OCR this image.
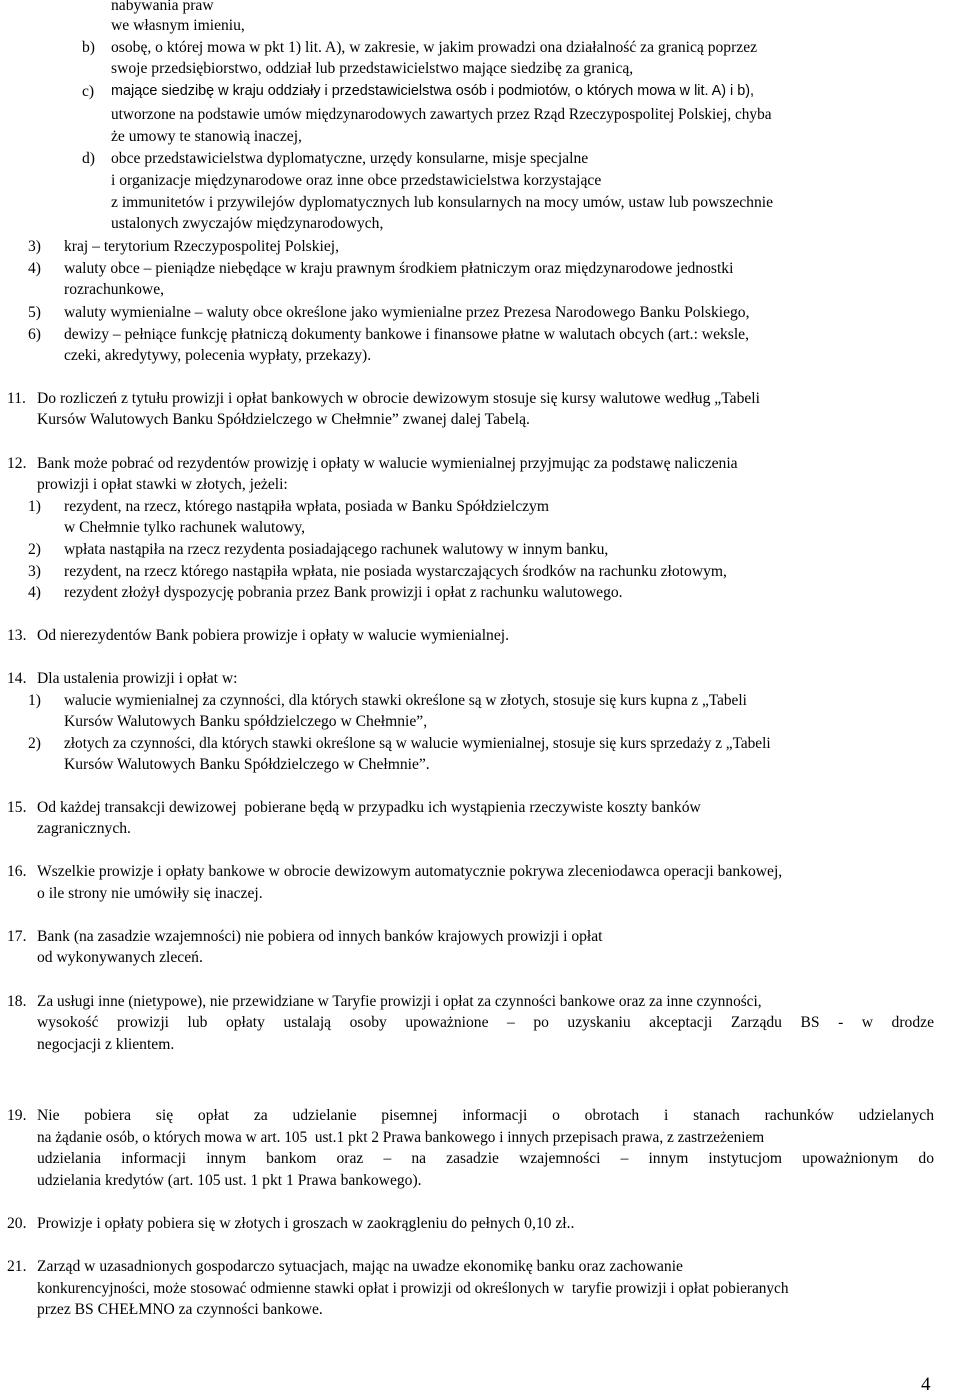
nabywania praw
we własnym imieniu,
b) osobę, o której mowa w pkt 1) lit. A), w zakresie, w jakim prowadzi ona działalność za granicą poprzez
swoje przedsiębiorstwo, oddział lub przedstawicielstwo mające siedzibę za granicą,
c) mające siedzibę w kraju oddziały i przedstawicielstwa osób i podmiotów, o których mowa w lit. A) i b),
utworzone na podstawie umów międzynarodowych zawartych przez Rząd Rzeczypospolitej Polskiej, chyba
że umowy te stanowią inaczej,
d) obce przedstawicielstwa dyplomatyczne, urzędy konsularne, misje specjalne
i organizacje międzynarodowe oraz inne obce przedstawicielstwa korzystające
z immunitetów i przywilejów dyplomatycznych lub konsularnych na mocy umów, ustaw lub powszechnie
ustalonych zwyczajów międzynarodowych,
3) kraj – terytorium Rzeczypospolitej Polskiej,
4) waluty obce – pieniądze niebędące w kraju prawnym środkiem płatniczym oraz międzynarodowe jednostki
rozrachunkowe,
5) waluty wymienialne – waluty obce określone jako wymienialne przez Prezesa Narodowego Banku Polskiego,
6) dewizy – pełniące funkcję płatniczą dokumenty bankowe i finansowe płatne w walutach obcych (art.: weksle,
czeki, akredytywy, polecenia wypłaty, przekazy).
11. Do rozliczeń z tytułu prowizji i opłat bankowych w obrocie dewizowym stosuje się kursy walutowe według „Tabeli
Kursów Walutowych Banku Spółdzielczego w Chełmnie” zwanej dalej Tabelą.
12. Bank może pobrać od rezydentów prowizję i opłaty w walucie wymienialnej przyjmując za podstawę naliczenia
prowizji i opłat stawki w złotych, jeżeli:
1) rezydent, na rzecz, którego nastąpiła wpłata, posiada w Banku Spółdzielczym
w Chełmnie tylko rachunek walutowy,
2) wpłata nastąpiła na rzecz rezydenta posiadającego rachunek walutowy w innym banku,
3) rezydent, na rzecz którego nastąpiła wpłata, nie posiada wystarczających środków na rachunku złotowym,
4) rezydent złożył dyspozycję pobrania przez Bank prowizji i opłat z rachunku walutowego.
13. Od nierezydentów Bank pobiera prowizje i opłaty w walucie wymienialnej.
14. Dla ustalenia prowizji i opłat w:
1) walucie wymienialnej za czynności, dla których stawki określone są w złotych, stosuje się kurs kupna z „Tabeli
Kursów Walutowych Banku spółdzielczego w Chełmnie”,
2) złotych za czynności, dla których stawki określone są w walucie wymienialnej, stosuje się kurs sprzedaży z „Tabeli
Kursów Walutowych Banku Spółdzielczego w Chełmnie”.
15. Od każdej transakcji dewizowej  pobierane będą w przypadku ich wystąpienia rzeczywiste koszty banków
zagranicznych.
16. Wszelkie prowizje i opłaty bankowe w obrocie dewizowym automatycznie pokrywa zleceniodawca operacji bankowej,
o ile strony nie umówiły się inaczej.
17. Bank (na zasadzie wzajemności) nie pobiera od innych banków krajowych prowizji i opłat
od wykonywanych zleceń.
18. Za usługi inne (nietypowe), nie przewidziane w Taryfie prowizji i opłat za czynności bankowe oraz za inne czynności,
wysokość prowizji lub opłaty ustalają osoby upoważnione – po uzyskaniu akceptacji Zarządu BS - w drodze
negocjacji z klientem.
19. Nie pobiera się opłat za udzielanie pisemnej informacji o obrotach i stanach rachunków udzielanych
na żądanie osób, o których mowa w art. 105  ust.1 pkt 2 Prawa bankowego i innych przepisach prawa, z zastrzeżeniem
udzielania informacji innym bankom oraz – na zasadzie wzajemności – innym instytucjom upoważnionym do
udzielania kredytów (art. 105 ust. 1 pkt 1 Prawa bankowego).
20. Prowizje i opłaty pobiera się w złotych i groszach w zaokrągleniu do pełnych 0,10 zł..
21. Zarząd w uzasadnionych gospodarczo sytuacjach, mając na uwadze ekonomikę banku oraz zachowanie
konkurencyjności, może stosować odmienne stawki opłat i prowizji od określonych w  taryfie prowizji i opłat pobieranych
przez BS CHEŁMNO za czynności bankowe.
4
